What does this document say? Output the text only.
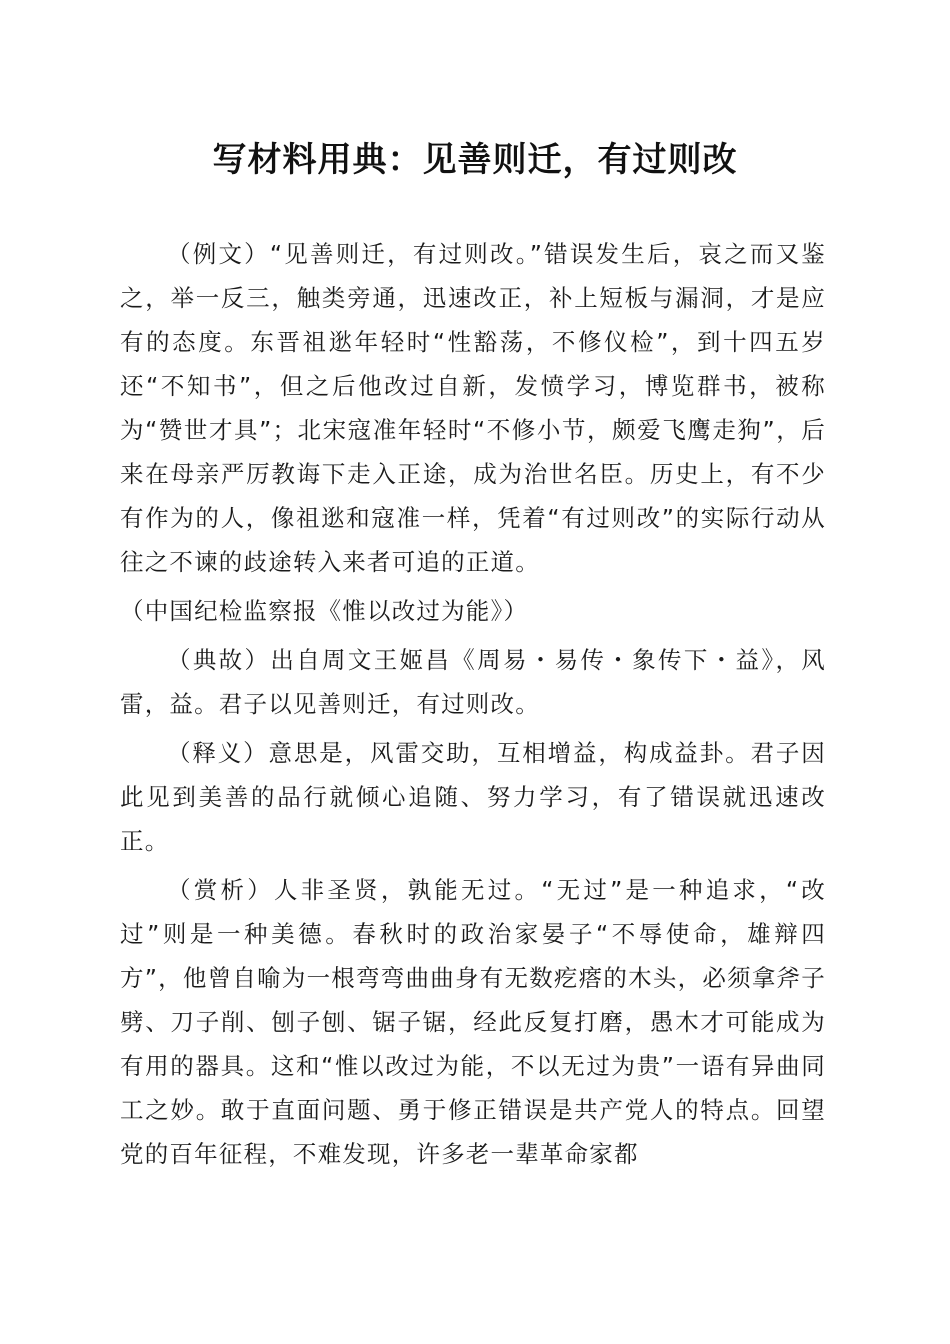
写材料用典：见善则迁，有过则改

（例文）“见善则迁，有过则改。”错误发生后，哀之而又鉴之，举一反三，触类旁通，迅速改正，补上短板与漏洞，才是应有的态度。东晋祖逖年轻时“性豁荡，不修仪检”，到十四五岁还“不知书”，但之后他改过自新，发愤学习，博览群书，被称为“赞世才具”；北宋寇准年轻时“不修小节，颇爱飞鹰走狗”，后来在母亲严厉教诲下走入正途，成为治世名臣。历史上，有不少有作为的人，像祖逖和寇准一样，凭着“有过则改”的实际行动从往之不谏的歧途转入来者可追的正道。

（中国纪检监察报《惟以改过为能》）

（典故）出自周文王姬昌《周易・易传・象传下・益》，风雷，益。君子以见善则迁，有过则改。

（释义）意思是，风雷交助，互相增益，构成益卦。君子因此见到美善的品行就倾心追随、努力学习，有了错误就迅速改正。

（赏析）人非圣贤，孰能无过。“无过”是一种追求，“改过”则是一种美德。春秋时的政治家晏子“不辱使命，雄辩四方”，他曾自喻为一根弯弯曲曲身有无数疙瘩的木头，必须拿斧子劈、刀子削、刨子刨、锯子锯，经此反复打磨，愚木才可能成为有用的器具。这和“惟以改过为能，不以无过为贵”一语有异曲同工之妙。敢于直面问题、勇于修正错误是共产党人的特点。回望党的百年征程，不难发现，许多老一辈革命家都
